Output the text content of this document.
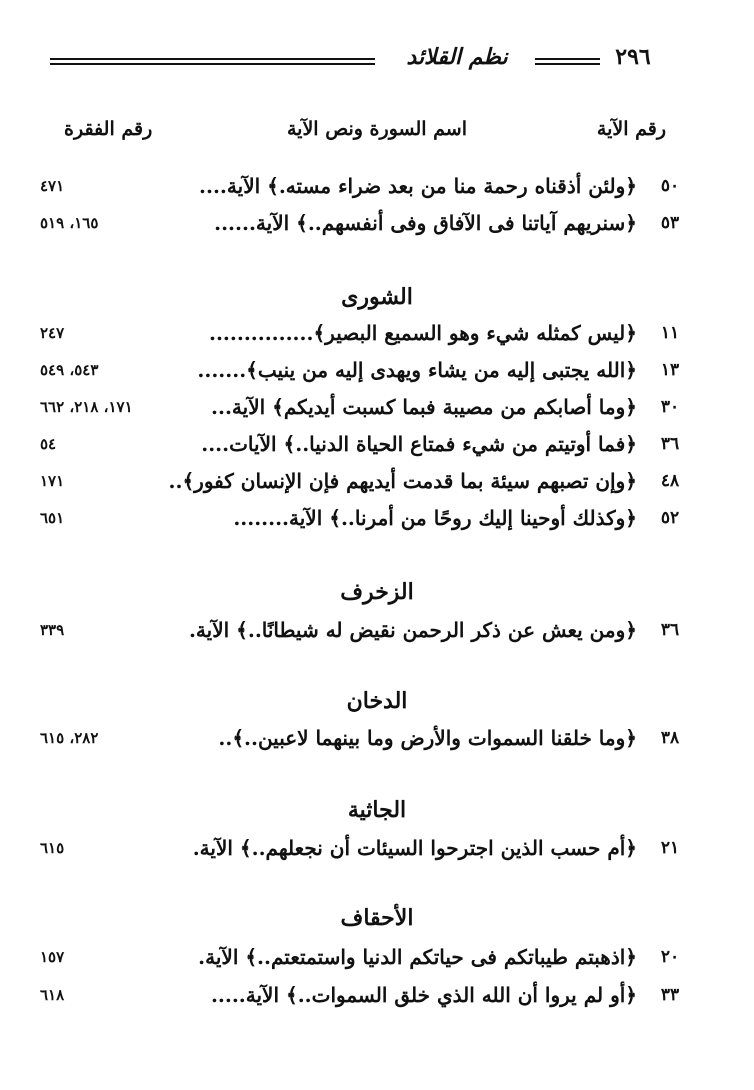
نظم القلائد	٢٩٦
رقم الآية
اسم السورة ونص الآية
رقم الفقرة
٥٠
﴿ولئن أذقناه رحمة منا من بعد ضراء مسته.﴾ الآية....
٤٧١
٥٣
﴿سنريهم آياتنا فى الآفاق وفى أنفسهم..﴾ الآية......
١٦٥، ٥١٩
الشورى
١١
﴿ليس كمثله شيء وهو السميع البصير﴾...............
٢٤٧
١٣
﴿الله يجتبى إليه من يشاء ويهدى إليه من ينيب﴾.......
٥٤٣، ٥٤٩
٣٠
﴿وما أصابكم من مصيبة فبما كسبت أيديكم﴾ الآية...
١٧١، ٢١٨، ٦٦٢
٣٦
﴿فما أوتيتم من شيء فمتاع الحياة الدنيا..﴾ الآيات....
٥٤
٤٨
﴿وإن تصبهم سيئة بما قدمت أيديهم فإن الإنسان كفور﴾..
١٧١
٥٢
﴿وكذلك أوحينا إليك روحًا من أمرنا..﴾ الآية........
٦٥١
الزخرف
٣٦
﴿ومن يعش عن ذكر الرحمن نقيض له شيطانًا..﴾ الآية.
٣٣٩
الدخان
٣٨
﴿وما خلقنا السموات والأرض وما بينهما لاعبين..﴾..
٢٨٢، ٦١٥
الجاثية
٢١
﴿أم حسب الذين اجترحوا السيئات أن نجعلهم..﴾ الآية.
٦١٥
الأحقاف
٢٠
﴿اذهبتم طيباتكم فى حياتكم الدنيا واستمتعتم..﴾ الآية.
١٥٧
٣٣
﴿أو لم يروا أن الله الذي خلق السموات..﴾ الآية.....
٦١٨
